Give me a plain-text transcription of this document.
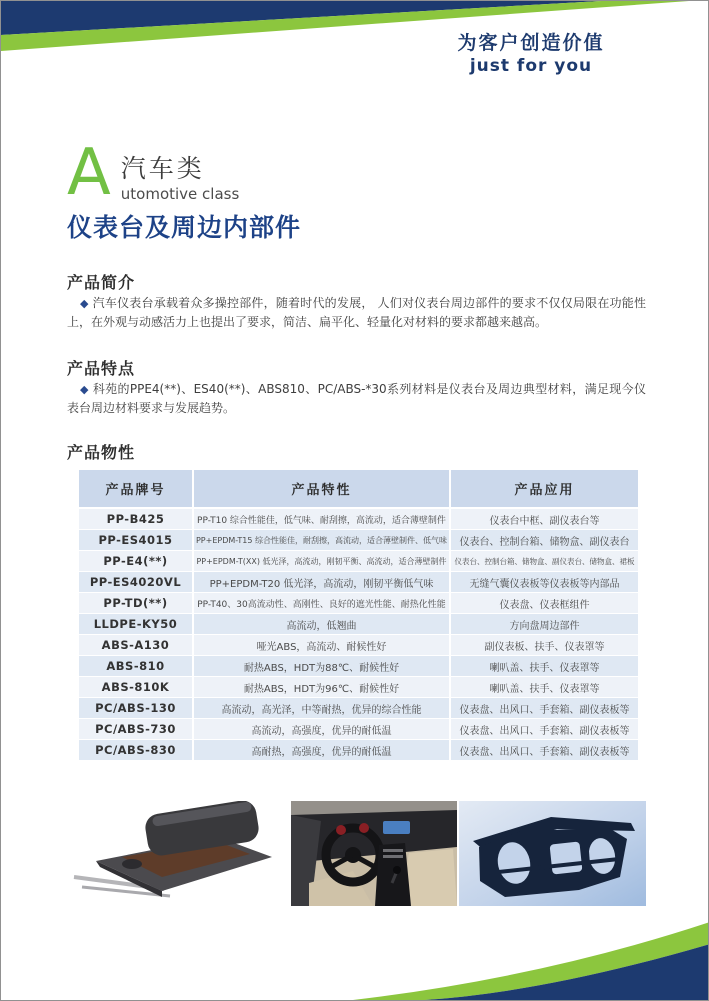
为客户创造价值
just for you
A 汽车类
utomotive class
仪表台及周边内部件
产品简介

◆ 汽车仪表台承载着众多操控部件，随着时代的发展， 人们对仪表台周边部件的要求不仅仅局限在功能性上，在外观与动感活力上也提出了要求，简洁、扁平化、轻量化对材料的要求都越来越高。

产品特点

◆ 科苑的PPE4(**)、ES40(**)、ABS810、PC/ABS-*30系列材料是仪表台及周边典型材料，满足现今仪表台周边材料要求与发展趋势。

产品物性
产品牌号	产品特性	产品应用
PP-B425	PP-T10 综合性能佳，低气味、耐刮擦，高流动，适合薄壁制件	仪表台中框、副仪表台等
PP-ES4015	PP+EPDM-T15 综合性能佳，耐刮擦，高流动，适合薄壁制件、低气味	仪表台、控制台箱、储物盒、副仪表台
PP-E4(**)	PP+EPDM-T(XX) 低光泽，高流动，刚韧平衡、高流动，适合薄壁制件	仪表台、控制台箱、储物盒、副仪表台、储物盒、裙板
PP-ES4020VL	PP+EPDM-T20 低光泽，高流动，刚韧平衡低气味	无缝气囊仪表板等仪表板等内部品
PP-TD(**)	PP-T40、30高流动性、高刚性、良好的遮光性能、耐热化性能	仪表盘、仪表框组件
LLDPE-KY50	高流动，低翘曲	方向盘周边部件
ABS-A130	哑光ABS，高流动、耐候性好	副仪表板、扶手、仪表罩等
ABS-810	耐热ABS，HDT为88℃、耐候性好	喇叭盖、扶手、仪表罩等
ABS-810K	耐热ABS，HDT为96℃、耐候性好	喇叭盖、扶手、仪表罩等
PC/ABS-130	高流动，高光泽，中等耐热，优异的综合性能	仪表盘、出风口、手套箱、副仪表板等
PC/ABS-730	高流动，高强度，优异的耐低温	仪表盘、出风口、手套箱、副仪表板等
PC/ABS-830	高耐热，高强度，优异的耐低温	仪表盘、出风口、手套箱、副仪表板等
